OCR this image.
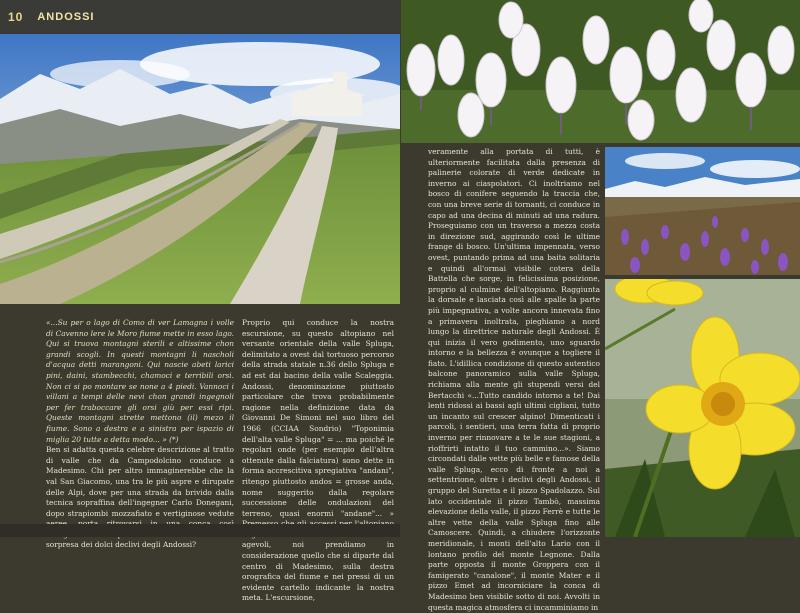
10 ANDOSSI

«...Su per o lago di Como di ver Lamagna i volle di Cavenno lere le Moro fiume mette in esso lago. Qui si truova montagni sterili e altissime chon grandi scogli. In questi montagni li nascholi d'acqua detti marangoni. Qui nascie abeti larici pini, daini, stambecchi, chamoci e terribili orsi. Non ci si po montare se none a 4 piedi. Vannoci i villani a tempi delle nevi chon grandi ingegnoli per fer traboccare gli orsi giù per essi ripi. Queste montagni strette mettono (il) mezo il fiume. Sono a destra e a sinistra per ispazio di miglia 20 tutte a detta modo... » (*)

Ben si adatta questa celebre descrizione al tratto di valle che da Campodolcino conduce a Madesimo. Chi per altro immaginerebbe che la val San Giacomo, una tra le più aspre e dirupate delle Alpi, dove per una strada da brivido dalla tecnica sopraffina dell'ingegner Carlo Donegani, dopo strapiombi mozzafiato e vertiginose vedute sorpresa dei dolci declivi degli Andossi?

Proprio qui conduce la nostra escursione, su questo altopiano nel versante orientale della valle Spluga, delimitato a ovest dal tortuoso percorso della strada statale n.36 dello Spluga e ad est dai bacino della valle Scaleggia. Andossi, denominazione piuttosto particolare che trova probabilmente ragione nella definizione data da Giovanni De Simoni nel suo libro del 1966 (CCIAA Sondrio) "Toponimia dell'alta valle Spluga" = ... ma poiché le regolari onde (per esempio dell'altra ottenute dalla falciatura) sono dette in forma accrescitiva spregiativa "andani", ritengo piuttosto andos = grosse anda, nome suggerito dalla regolare successione delle ondulazioni del terreno, quasi enormi "andane"... » agevoli, noi prendiamo in considerazione quello che si diparte dal centro di Madesimo, sulla destra orografica del fiume e nei pressi di un evidente cartello indicante la nostra meta. L'escursione,

veramente alla portata di tutti, è ulteriormente facilitata dalla presenza di palinerie colorate di verde dedicate in inverno ai ciaspolatori. Ci inoltriamo nel bosco di conifere seguendo la traccia che, con una breve serie di tornanti, ci conduce in capo ad una decina di minuti ad una radura. Proseguiamo con un traverso a mezza costa in direzione sud, aggirando così le ultime frange di bosco. Un'ultima impennata, verso ovest, puntando prima ad una baita solitaria e quindi all'ormai visibile cotera della Battella che sorge, in felicissima posizione, proprio al culmine dell'altopiano. Raggiunta la dorsale e lasciata così alle spalle la parte più impegnativa, a volte ancora innevata fino a primavera inoltrata, pieghiamo a nord lungo la direttrice naturale degli Andossi. È qui inizia il vero godimento, uno sguardo intorno e la bellezza è ovunque a togliere il fiato. L'idillica condizione di questo autentico balcone panoramico sulla valle Spluga, richiama alla mente gli stupendi versi del Bertacchi «...Tutto candido intorno a te! Dai lenti ridossi ai bassi agli ultimi cigliani, tutto un incanto sul crescer alpino! Dimenticati i parcoli, i sentieri, una terra fatta di proprio inverno per rinnovare a te le sue stagioni, a rioffrirti intatto il tuo cammino...». Siamo circondati dalle vette più belle e famose della valle Spluga, ecco di fronte a noi a settentrione, oltre i declivi degli Andossi, il gruppo del Suretta e il pizzo Spadolazzo. Sul lato occidentale il pizzo Tambò, massima elevazione della valle, il pizzo Ferrè e tutte le altre vette della valle Spluga fino alle Camoscere. Quindi, a chiudere l'orizzonte meridionale, i monti dell'alto Lario con il lontano profilo del monte Legnone. Dalla parte opposta il monte Groppera con il famigerato "canalone", il monte Mater e il pizzo Emet ad incorniciare la conca di Madesimo ben visibile sotto di noi. Avvolti in questa magica atmosfera ci incamminiamo in
